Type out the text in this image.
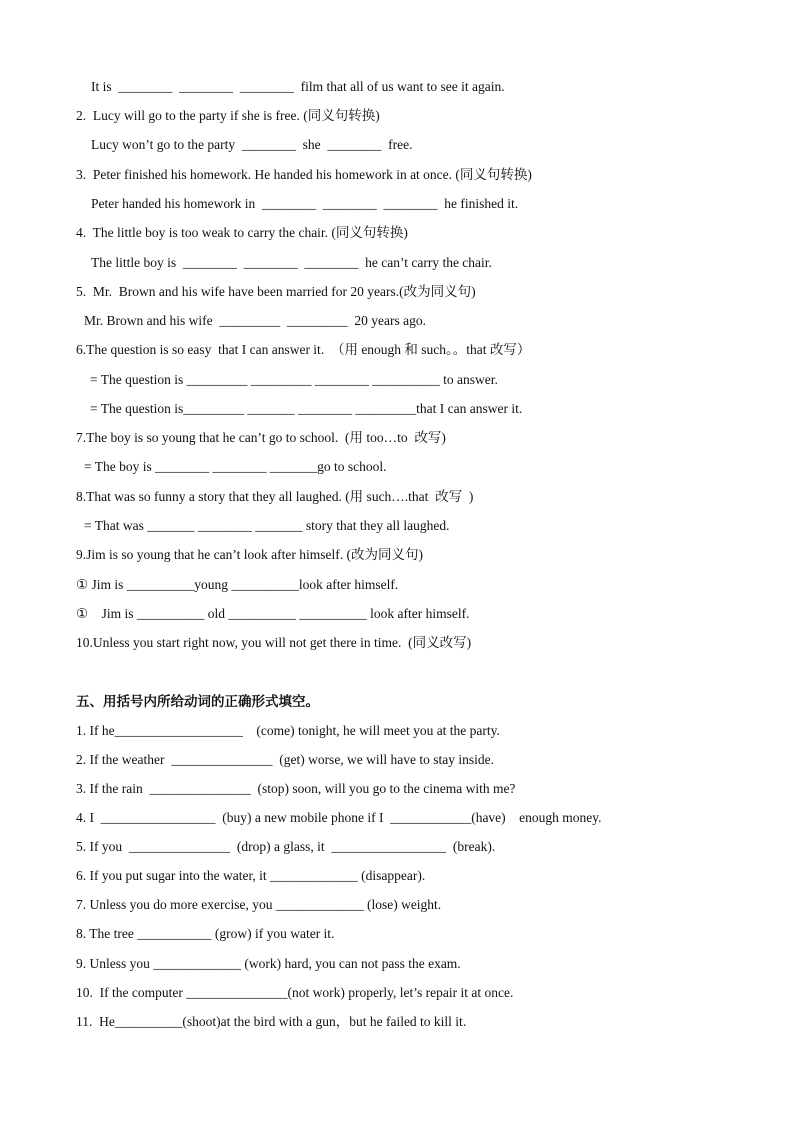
It is  ________  ________  ________  film that all of us want to see it again.
2.  Lucy will go to the party if she is free. (同义句转换)
Lucy won’t go to the party  ________  she  ________  free.
3.  Peter finished his homework. He handed his homework in at once. (同义句转换)
Peter handed his homework in  ________  ________  ________  he finished it.
4.  The little boy is too weak to carry the chair. (同义句转换)
The little boy is  ________  ________  ________  he can’t carry the chair.
5.  Mr.  Brown and his wife have been married for 20 years.(改为同义句)
Mr. Brown and his wife  _________  _________  20 years ago.
6.The question is so easy  that I can answer it.  （用 enough 和 such。。that 改写）
= The question is _________ _________ ________ __________ to answer.
= The question is_________ _______ ________ _________that I can answer it.
7.The boy is so young that he can’t go to school.  (用 too…to  改写)
= The boy is ________ ________ _______go to school.
8.That was so funny a story that they all laughed. (用 such….that  改写  )
= That was _______ ________ _______ story that they all laughed.
9.Jim is so young that he can’t look after himself. (改为同义句)
① Jim is __________young __________look after himself.
①    Jim is __________ old __________ __________ look after himself.
10.Unless you start right now, you will not get there in time.  (同义改写)
五、用括号内所给动词的正确形式填空。
1. If he___________________    (come) tonight, he will meet you at the party.
2. If the weather  _______________  (get) worse, we will have to stay inside.
3. If the rain  _______________  (stop) soon, will you go to the cinema with me?
4. I  _________________  (buy) a new mobile phone if I  ____________(have)    enough money.
5. If you  _______________  (drop) a glass, it  _________________  (break).
6. If you put sugar into the water, it _____________ (disappear).
7. Unless you do more exercise, you _____________ (lose) weight.
8. The tree ___________ (grow) if you water it.
9. Unless you _____________ (work) hard, you can not pass the exam.
10.  If the computer _______________(not work) properly, let’s repair it at once.
11.  He__________(shoot)at the bird with a gun，but he failed to kill it.
